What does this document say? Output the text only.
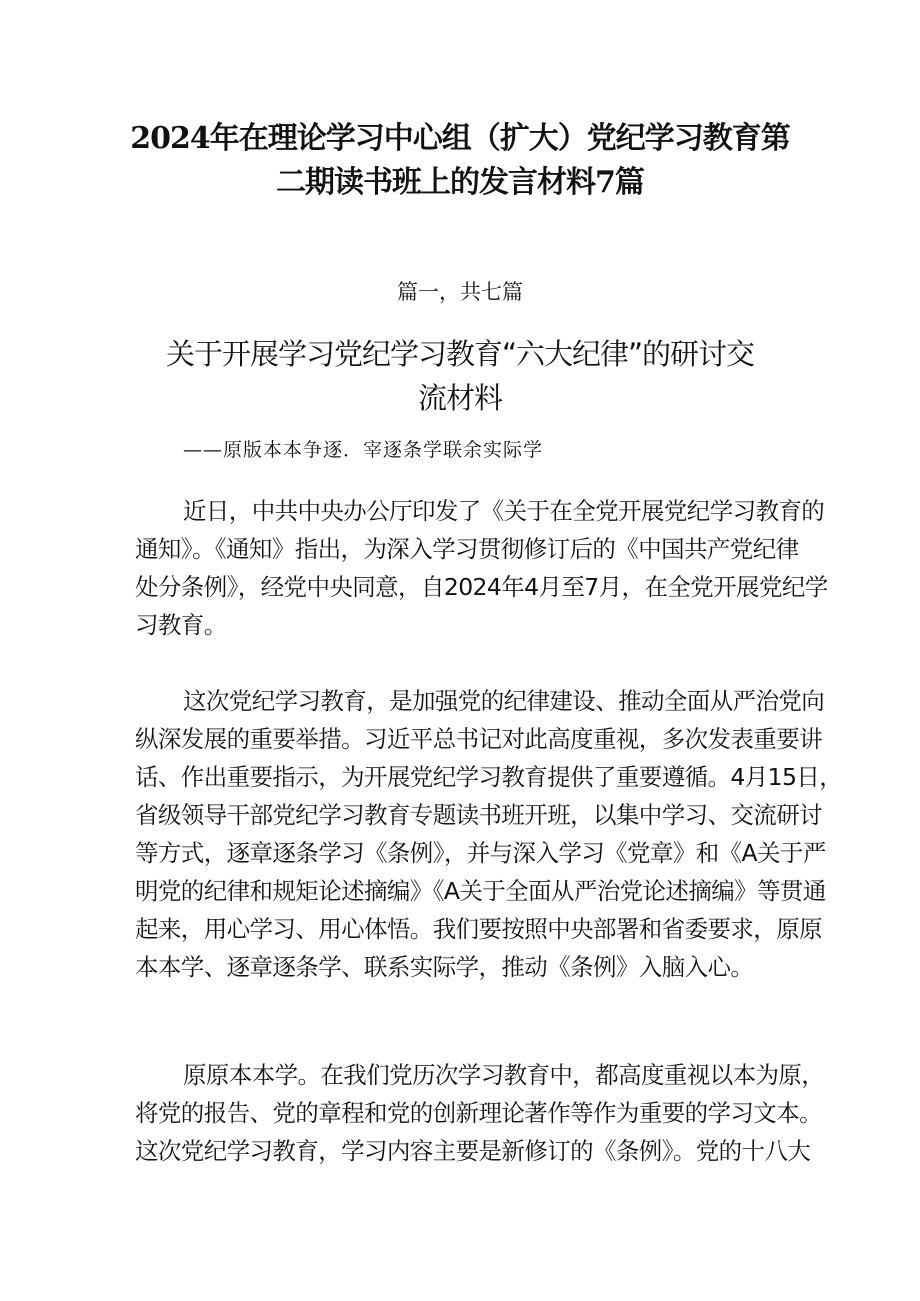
2024年在理论学习中心组（扩大）党纪学习教育第
二期读书班上的发言材料7篇
篇一，共七篇
关于开展学习党纪学习教育“六大纪律”的研讨交
流材料
——原版本本争逐．宰逐条学联余实际学
近日，中共中央办公厅印发了《关于在全党开展党纪学习教育的
通知》。《通知》指出，为深入学习贯彻修订后的《中国共产党纪律
处分条例》，经党中央同意，自2024年4月至7月，在全党开展党纪学
习教育。
这次党纪学习教育，是加强党的纪律建设、推动全面从严治党向
纵深发展的重要举措。习近平总书记对此高度重视，多次发表重要讲
话、作出重要指示，为开展党纪学习教育提供了重要遵循。4月15日，
省级领导干部党纪学习教育专题读书班开班，以集中学习、交流研讨
等方式，逐章逐条学习《条例》，并与深入学习《党章》和《A关于严
明党的纪律和规矩论述摘编》《A关于全面从严治党论述摘编》等贯通
起来，用心学习、用心体悟。我们要按照中央部署和省委要求，原原
本本学、逐章逐条学、联系实际学，推动《条例》入脑入心。
原原本本学。在我们党历次学习教育中，都高度重视以本为原，
将党的报告、党的章程和党的创新理论著作等作为重要的学习文本。
这次党纪学习教育，学习内容主要是新修订的《条例》。党的十八大
